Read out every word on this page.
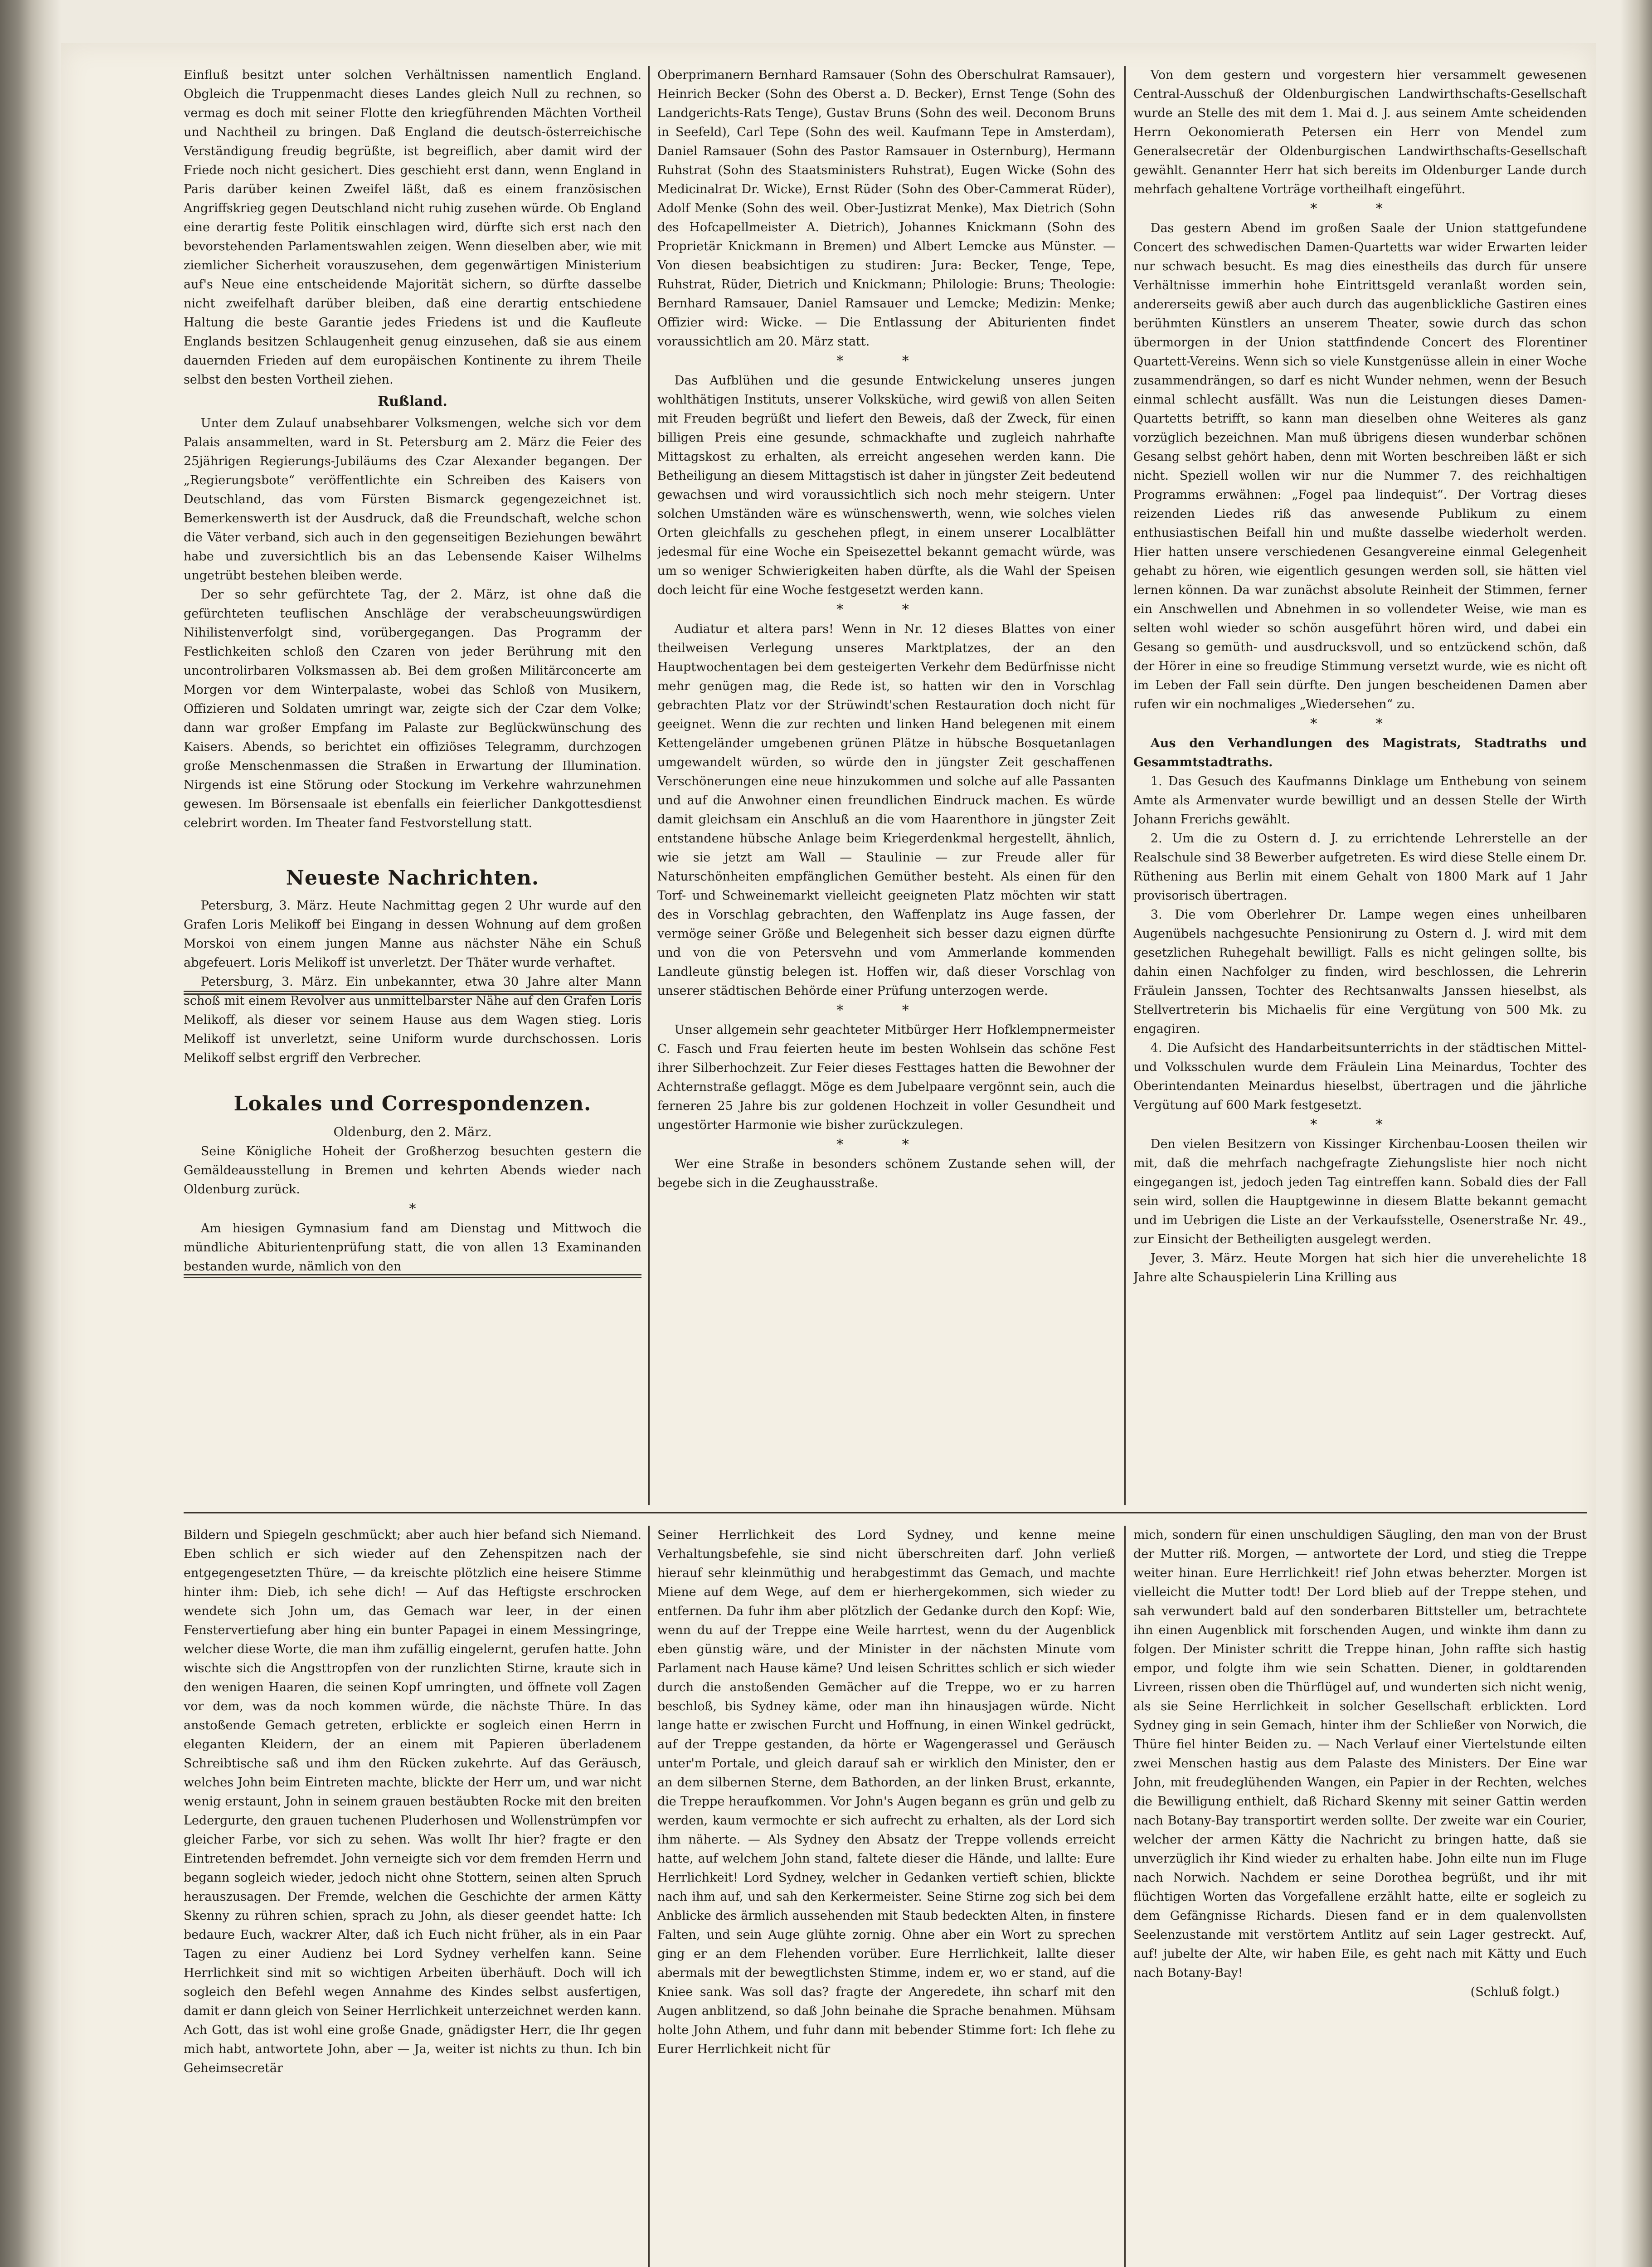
Einfluß besitzt unter solchen Verhältnissen namentlich England. Obgleich die Truppenmacht dieses Landes gleich Null zu rechnen, so vermag es doch mit seiner Flotte den kriegführenden Mächten Vortheil und Nachtheil zu bringen. Daß England die deutsch-österreichische Verständigung freudig begrüßte, ist begreiflich, aber damit wird der Friede noch nicht gesichert. Dies geschieht erst dann, wenn England in Paris darüber keinen Zweifel läßt, daß es einem französischen Angriffskrieg gegen Deutschland nicht ruhig zusehen würde. Ob England eine derartig feste Politik einschlagen wird, dürfte sich erst nach den bevorstehenden Parlamentswahlen zeigen. Wenn dieselben aber, wie mit ziemlicher Sicherheit vorauszusehen, dem gegenwärtigen Ministerium auf's Neue eine entscheidende Majorität sichern, so dürfte dasselbe nicht zweifelhaft darüber bleiben, daß eine derartig entschiedene Haltung die beste Garantie jedes Friedens ist und die Kaufleute Englands besitzen Schlaugenheit genug einzusehen, daß sie aus einem dauernden Frieden auf dem europäischen Kontinente zu ihrem Theile selbst den besten Vortheil ziehen.

Rußland.

Unter dem Zulauf unabsehbarer Volksmengen, welche sich vor dem Palais ansammelten, ward in St. Petersburg am 2. März die Feier des 25jährigen Regierungs-Jubiläums des Czar Alexander begangen. Der „Regierungsbote“ veröffentlichte ein Schreiben des Kaisers von Deutschland, das vom Fürsten Bismarck gegengezeichnet ist. Bemerkenswerth ist der Ausdruck, daß die Freundschaft, welche schon die Väter verband, sich auch in den gegenseitigen Beziehungen bewährt habe und zuversichtlich bis an das Lebensende Kaiser Wilhelms ungetrübt bestehen bleiben werde.

Der so sehr gefürchtete Tag, der 2. März, ist ohne daß die gefürchteten teuflischen Anschläge der verabscheuungswürdigen Nihilistenverfolgt sind, vorübergegangen. Das Programm der Festlichkeiten schloß den Czaren von jeder Berührung mit den uncontrolirbaren Volksmassen ab. Bei dem großen Militärconcerte am Morgen vor dem Winterpalaste, wobei das Schloß von Musikern, Offizieren und Soldaten umringt war, zeigte sich der Czar dem Volke; dann war großer Empfang im Palaste zur Beglückwünschung des Kaisers. Abends, so berichtet ein offiziöses Telegramm, durchzogen große Menschenmassen die Straßen in Erwartung der Illumination. Nirgends ist eine Störung oder Stockung im Verkehre wahrzunehmen gewesen. Im Börsensaale ist ebenfalls ein feierlicher Dankgottesdienst celebrirt worden. Im Theater fand Festvorstellung statt.

Neueste Nachrichten.

Petersburg, 3. März. Heute Nachmittag gegen 2 Uhr wurde auf den Grafen Loris Melikoff bei Eingang in dessen Wohnung auf dem großen Morskoi von einem jungen Manne aus nächster Nähe ein Schuß abgefeuert. Loris Melikoff ist unverletzt. Der Thäter wurde verhaftet.

Petersburg, 3. März. Ein unbekannter, etwa 30 Jahre alter Mann schoß mit einem Revolver aus unmittelbarster Nähe auf den Grafen Loris Melikoff, als dieser vor seinem Hause aus dem Wagen stieg. Loris Melikoff ist unverletzt, seine Uniform wurde durchschossen. Loris Melikoff selbst ergriff den Verbrecher.

Lokales und Correspondenzen.
Oldenburg, den 2. März.

Seine Königliche Hoheit der Großherzog besuchten gestern die Gemäldeausstellung in Bremen und kehrten Abends wieder nach Oldenburg zurück.

*

Am hiesigen Gymnasium fand am Dienstag und Mittwoch die mündliche Abiturientenprüfung statt, die von allen 13 Examinanden bestanden wurde, nämlich von den

Oberprimanern Bernhard Ramsauer (Sohn des Oberschulrat Ramsauer), Heinrich Becker (Sohn des Oberst a. D. Becker), Ernst Tenge (Sohn des Landgerichts-Rats Tenge), Gustav Bruns (Sohn des weil. Deconom Bruns in Seefeld), Carl Tepe (Sohn des weil. Kaufmann Tepe in Amsterdam), Daniel Ramsauer (Sohn des Pastor Ramsauer in Osternburg), Hermann Ruhstrat (Sohn des Staatsministers Ruhstrat), Eugen Wicke (Sohn des Medicinalrat Dr. Wicke), Ernst Rüder (Sohn des Ober-Cammerat Rüder), Adolf Menke (Sohn des weil. Ober-Justizrat Menke), Max Dietrich (Sohn des Hofcapellmeister A. Dietrich), Johannes Knickmann (Sohn des Proprietär Knickmann in Bremen) und Albert Lemcke aus Münster. — Von diesen beabsichtigen zu studiren: Jura: Becker, Tenge, Tepe, Ruhstrat, Rüder, Dietrich und Knickmann; Philologie: Bruns; Theologie: Bernhard Ramsauer, Daniel Ramsauer und Lemcke; Medizin: Menke; Offizier wird: Wicke. — Die Entlassung der Abiturienten findet voraussichtlich am 20. März statt.

* *

Das Aufblühen und die gesunde Entwickelung unseres jungen wohlthätigen Instituts, unserer Volksküche, wird gewiß von allen Seiten mit Freuden begrüßt und liefert den Beweis, daß der Zweck, für einen billigen Preis eine gesunde, schmackhafte und zugleich nahrhafte Mittagskost zu erhalten, als erreicht angesehen werden kann. Die Betheiligung an diesem Mittagstisch ist daher in jüngster Zeit bedeutend gewachsen und wird voraussichtlich sich noch mehr steigern. Unter solchen Umständen wäre es wünschenswerth, wenn, wie solches vielen Orten gleichfalls zu geschehen pflegt, in einem unserer Localblätter jedesmal für eine Woche ein Speisezettel bekannt gemacht würde, was um so weniger Schwierigkeiten haben dürfte, als die Wahl der Speisen doch leicht für eine Woche festgesetzt werden kann.

* *

Audiatur et altera pars! Wenn in Nr. 12 dieses Blattes von einer theilweisen Verlegung unseres Marktplatzes, der an den Hauptwochentagen bei dem gesteigerten Verkehr dem Bedürfnisse nicht mehr genügen mag, die Rede ist, so hatten wir den in Vorschlag gebrachten Platz vor der Strüwindt'schen Restauration doch nicht für geeignet. Wenn die zur rechten und linken Hand belegenen mit einem Kettengeländer umgebenen grünen Plätze in hübsche Bosquetanlagen umgewandelt würden, so würde den in jüngster Zeit geschaffenen Verschönerungen eine neue hinzukommen und solche auf alle Passanten und auf die Anwohner einen freundlichen Eindruck machen. Es würde damit gleichsam ein Anschluß an die vom Haarenthore in jüngster Zeit entstandene hübsche Anlage beim Kriegerdenkmal hergestellt, ähnlich, wie sie jetzt am Wall — Staulinie — zur Freude aller für Naturschönheiten empfänglichen Gemüther besteht. Als einen für den Torf- und Schweinemarkt vielleicht geeigneten Platz möchten wir statt des in Vorschlag gebrachten, den Waffenplatz ins Auge fassen, der vermöge seiner Größe und Belegenheit sich besser dazu eignen dürfte und von die von Petersvehn und vom Ammerlande kommenden Landleute günstig belegen ist. Hoffen wir, daß dieser Vorschlag von unserer städtischen Behörde einer Prüfung unterzogen werde.

* *

Unser allgemein sehr geachteter Mitbürger Herr Hofklempnermeister C. Fasch und Frau feierten heute im besten Wohlsein das schöne Fest ihrer Silberhochzeit. Zur Feier dieses Festtages hatten die Bewohner der Achternstraße geflaggt. Möge es dem Jubelpaare vergönnt sein, auch die ferneren 25 Jahre bis zur goldenen Hochzeit in voller Gesundheit und ungestörter Harmonie wie bisher zurückzulegen.

* *

Wer eine Straße in besonders schönem Zustande sehen will, der begebe sich in die Zeughausstraße.

Von dem gestern und vorgestern hier versammelt gewesenen Central-Ausschuß der Oldenburgischen Landwirthschafts-Gesellschaft wurde an Stelle des mit dem 1. Mai d. J. aus seinem Amte scheidenden Herrn Oekonomierath Petersen ein Herr von Mendel zum Generalsecretär der Oldenburgischen Landwirthschafts-Gesellschaft gewählt. Genannter Herr hat sich bereits im Oldenburger Lande durch mehrfach gehaltene Vorträge vortheilhaft eingeführt.

* *

Das gestern Abend im großen Saale der Union stattgefundene Concert des schwedischen Damen-Quartetts war wider Erwarten leider nur schwach besucht. Es mag dies einestheils das durch für unsere Verhältnisse immerhin hohe Eintrittsgeld veranlaßt worden sein, andererseits gewiß aber auch durch das augenblickliche Gastiren eines berühmten Künstlers an unserem Theater, sowie durch das schon übermorgen in der Union stattfindende Concert des Florentiner Quartett-Vereins. Wenn sich so viele Kunstgenüsse allein in einer Woche zusammendrängen, so darf es nicht Wunder nehmen, wenn der Besuch einmal schlecht ausfällt. Was nun die Leistungen dieses Damen-Quartetts betrifft, so kann man dieselben ohne Weiteres als ganz vorzüglich bezeichnen. Man muß übrigens diesen wunderbar schönen Gesang selbst gehört haben, denn mit Worten beschreiben läßt er sich nicht. Speziell wollen wir nur die Nummer 7. des reichhaltigen Programms erwähnen: „Fogel paa lindequist“. Der Vortrag dieses reizenden Liedes riß das anwesende Publikum zu einem enthusiastischen Beifall hin und mußte dasselbe wiederholt werden. Hier hatten unsere verschiedenen Gesangvereine einmal Gelegenheit gehabt zu hören, wie eigentlich gesungen werden soll, sie hätten viel lernen können. Da war zunächst absolute Reinheit der Stimmen, ferner ein Anschwellen und Abnehmen in so vollendeter Weise, wie man es selten wohl wieder so schön ausgeführt hören wird, und dabei ein Gesang so gemüth- und ausdrucksvoll, und so entzückend schön, daß der Hörer in eine so freudige Stimmung versetzt wurde, wie es nicht oft im Leben der Fall sein dürfte. Den jungen bescheidenen Damen aber rufen wir ein nochmaliges „Wiedersehen“ zu.

* *

Aus den Verhandlungen des Magistrats, Stadtraths und Gesammtstadtraths.

1. Das Gesuch des Kaufmanns Dinklage um Enthebung von seinem Amte als Armenvater wurde bewilligt und an dessen Stelle der Wirth Johann Frerichs gewählt.

2. Um die zu Ostern d. J. zu errichtende Lehrerstelle an der Realschule sind 38 Bewerber aufgetreten. Es wird diese Stelle einem Dr. Rüthening aus Berlin mit einem Gehalt von 1800 Mark auf 1 Jahr provisorisch übertragen.

3. Die vom Oberlehrer Dr. Lampe wegen eines unheilbaren Augenübels nachgesuchte Pensionirung zu Ostern d. J. wird mit dem gesetzlichen Ruhegehalt bewilligt. Falls es nicht gelingen sollte, bis dahin einen Nachfolger zu finden, wird beschlossen, die Lehrerin Fräulein Janssen, Tochter des Rechtsanwalts Janssen hieselbst, als Stellvertreterin bis Michaelis für eine Vergütung von 500 Mk. zu engagiren.

4. Die Aufsicht des Handarbeitsunterrichts in der städtischen Mittel- und Volksschulen wurde dem Fräulein Lina Meinardus, Tochter des Oberintendanten Meinardus hieselbst, übertragen und die jährliche Vergütung auf 600 Mark festgesetzt.

* *

Den vielen Besitzern von Kissinger Kirchenbau-Loosen theilen wir mit, daß die mehrfach nachgefragte Ziehungsliste hier noch nicht eingegangen ist, jedoch jeden Tag eintreffen kann. Sobald dies der Fall sein wird, sollen die Hauptgewinne in diesem Blatte bekannt gemacht und im Uebrigen die Liste an der Verkaufsstelle, Osenerstraße Nr. 49., zur Einsicht der Betheiligten ausgelegt werden.

Jever, 3. März. Heute Morgen hat sich hier die unverehelichte 18 Jahre alte Schauspielerin Lina Krilling aus

Bildern und Spiegeln geschmückt; aber auch hier befand sich Niemand. Eben schlich er sich wieder auf den Zehenspitzen nach der entgegengesetzten Thüre, — da kreischte plötzlich eine heisere Stimme hinter ihm: Dieb, ich sehe dich! — Auf das Heftigste erschrocken wendete sich John um, das Gemach war leer, in der einen Fenstervertiefung aber hing ein bunter Papagei in einem Messingringe, welcher diese Worte, die man ihm zufällig eingelernt, gerufen hatte. John wischte sich die Angsttropfen von der runzlichten Stirne, kraute sich in den wenigen Haaren, die seinen Kopf umringten, und öffnete voll Zagen vor dem, was da noch kommen würde, die nächste Thüre. In das anstoßende Gemach getreten, erblickte er sogleich einen Herrn in eleganten Kleidern, der an einem mit Papieren überladenem Schreibtische saß und ihm den Rücken zukehrte. Auf das Geräusch, welches John beim Eintreten machte, blickte der Herr um, und war nicht wenig erstaunt, John in seinem grauen bestäubten Rocke mit den breiten Ledergurte, den grauen tuchenen Pluderhosen und Wollenstrümpfen vor gleicher Farbe, vor sich zu sehen. Was wollt Ihr hier? fragte er den Eintretenden befremdet. John verneigte sich vor dem fremden Herrn und begann sogleich wieder, jedoch nicht ohne Stottern, seinen alten Spruch herauszusagen. Der Fremde, welchen die Geschichte der armen Kätty Skenny zu rühren schien, sprach zu John, als dieser geendet hatte: Ich bedaure Euch, wackrer Alter, daß ich Euch nicht früher, als in ein Paar Tagen zu einer Audienz bei Lord Sydney verhelfen kann. Seine Herrlichkeit sind mit so wichtigen Arbeiten überhäuft. Doch will ich sogleich den Befehl wegen Annahme des Kindes selbst ausfertigen, damit er dann gleich von Seiner Herrlichkeit unterzeichnet werden kann. Ach Gott, das ist wohl eine große Gnade, gnädigster Herr, die Ihr gegen mich habt, antwortete John, aber — Ja, weiter ist nichts zu thun. Ich bin Geheimsecretär

Seiner Herrlichkeit des Lord Sydney, und kenne meine Verhaltungsbefehle, sie sind nicht überschreiten darf. John verließ hierauf sehr kleinmüthig und herabgestimmt das Gemach, und machte Miene auf dem Wege, auf dem er hierhergekommen, sich wieder zu entfernen. Da fuhr ihm aber plötzlich der Gedanke durch den Kopf: Wie, wenn du auf der Treppe eine Weile harrtest, wenn du der Augenblick eben günstig wäre, und der Minister in der nächsten Minute vom Parlament nach Hause käme? Und leisen Schrittes schlich er sich wieder durch die anstoßenden Gemächer auf die Treppe, wo er zu harren beschloß, bis Sydney käme, oder man ihn hinausjagen würde. Nicht lange hatte er zwischen Furcht und Hoffnung, in einen Winkel gedrückt, auf der Treppe gestanden, da hörte er Wagengerassel und Geräusch unter'm Portale, und gleich darauf sah er wirklich den Minister, den er an dem silbernen Sterne, dem Bathorden, an der linken Brust, erkannte, die Treppe heraufkommen. Vor John's Augen begann es grün und gelb zu werden, kaum vermochte er sich aufrecht zu erhalten, als der Lord sich ihm näherte. — Als Sydney den Absatz der Treppe vollends erreicht hatte, auf welchem John stand, faltete dieser die Hände, und lallte: Eure Herrlichkeit! Lord Sydney, welcher in Gedanken vertieft schien, blickte nach ihm auf, und sah den Kerkermeister. Seine Stirne zog sich bei dem Anblicke des ärmlich aussehenden mit Staub bedeckten Alten, in finstere Falten, und sein Auge glühte zornig. Ohne aber ein Wort zu sprechen ging er an dem Flehenden vorüber. Eure Herrlichkeit, lallte dieser abermals mit der bewegtlichsten Stimme, indem er, wo er stand, auf die Kniee sank. Was soll das? fragte der Angeredete, ihn scharf mit den Augen anblitzend, so daß John beinahe die Sprache benahmen. Mühsam holte John Athem, und fuhr dann mit bebender Stimme fort: Ich flehe zu Eurer Herrlichkeit nicht für

mich, sondern für einen unschuldigen Säugling, den man von der Brust der Mutter riß. Morgen, — antwortete der Lord, und stieg die Treppe weiter hinan. Eure Herrlichkeit! rief John etwas beherzter. Morgen ist vielleicht die Mutter todt! Der Lord blieb auf der Treppe stehen, und sah verwundert bald auf den sonderbaren Bittsteller um, betrachtete ihn einen Augenblick mit forschenden Augen, und winkte ihm dann zu folgen. Der Minister schritt die Treppe hinan, John raffte sich hastig empor, und folgte ihm wie sein Schatten. Diener, in goldtarenden Livreen, rissen oben die Thürflügel auf, und wunderten sich nicht wenig, als sie Seine Herrlichkeit in solcher Gesellschaft erblickten. Lord Sydney ging in sein Gemach, hinter ihm der Schließer von Norwich, die Thüre fiel hinter Beiden zu. — Nach Verlauf einer Viertelstunde eilten zwei Menschen hastig aus dem Palaste des Ministers. Der Eine war John, mit freudeglühenden Wangen, ein Papier in der Rechten, welches die Bewilligung enthielt, daß Richard Skenny mit seiner Gattin werden nach Botany-Bay transportirt werden sollte. Der zweite war ein Courier, welcher der armen Kätty die Nachricht zu bringen hatte, daß sie unverzüglich ihr Kind wieder zu erhalten habe. John eilte nun im Fluge nach Norwich. Nachdem er seine Dorothea begrüßt, und ihr mit flüchtigen Worten das Vorgefallene erzählt hatte, eilte er sogleich zu dem Gefängnisse Richards. Diesen fand er in dem qualenvollsten Seelenzustande mit verstörtem Antlitz auf sein Lager gestreckt. Auf, auf! jubelte der Alte, wir haben Eile, es geht nach mit Kätty und Euch nach Botany-Bay!

(Schluß folgt.)
